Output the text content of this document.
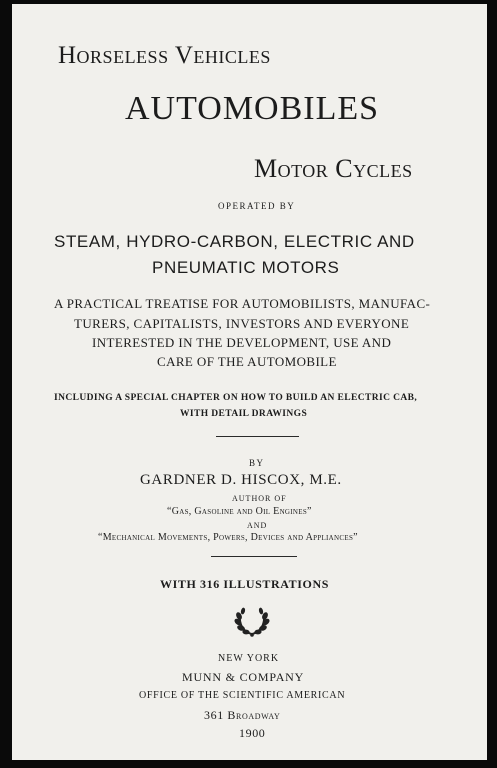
Horseless Vehicles

AUTOMOBILES

Motor Cycles

OPERATED BY

STEAM, HYDRO-CARBON, ELECTRIC AND

PNEUMATIC MOTORS

A PRACTICAL TREATISE FOR AUTOMOBILISTS, MANUFAC-

TURERS, CAPITALISTS, INVESTORS AND EVERYONE

INTERESTED IN THE DEVELOPMENT, USE AND

CARE OF THE AUTOMOBILE

INCLUDING A SPECIAL CHAPTER ON HOW TO BUILD AN ELECTRIC CAB,

WITH DETAIL DRAWINGS

BY

GARDNER D. HISCOX, M.E.

AUTHOR OF

“Gas, Gasoline and Oil Engines”

AND

“Mechanical Movements, Powers, Devices and Appliances”

WITH 316 ILLUSTRATIONS

NEW YORK

MUNN & COMPANY

OFFICE OF THE SCIENTIFIC AMERICAN

361 Broadway

1900
